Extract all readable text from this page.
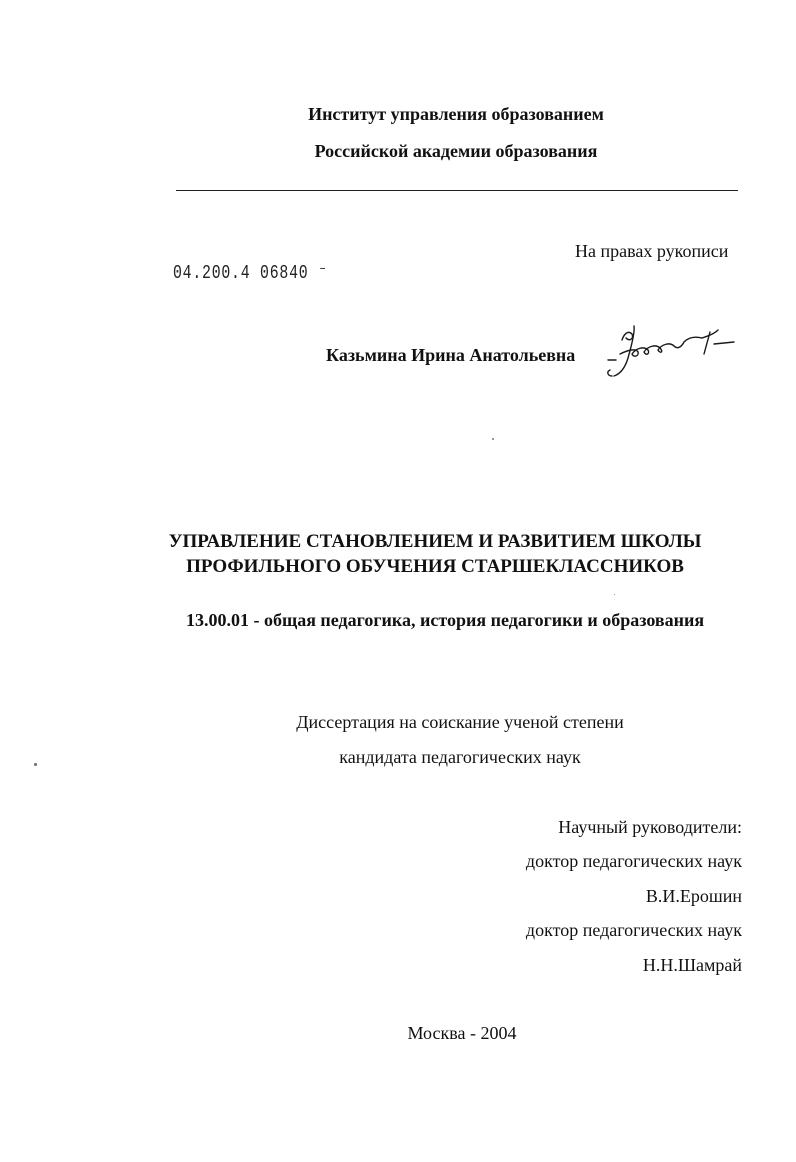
Институт управления образованием
Российской академии образования
На правах рукописи
04.200.4 06840 ⁻
Казьмина Ирина Анатольевна
УПРАВЛЕНИЕ СТАНОВЛЕНИЕМ И РАЗВИТИЕМ ШКОЛЫ
ПРОФИЛЬНОГО ОБУЧЕНИЯ СТАРШЕКЛАССНИКОВ
13.00.01 - общая педагогика, история педагогики и образования
Диссертация на соискание ученой степени
кандидата педагогических наук
Научный руководители:
доктор педагогических наук
В.И.Ерошин
доктор педагогических наук
Н.Н.Шамрай
Москва - 2004
